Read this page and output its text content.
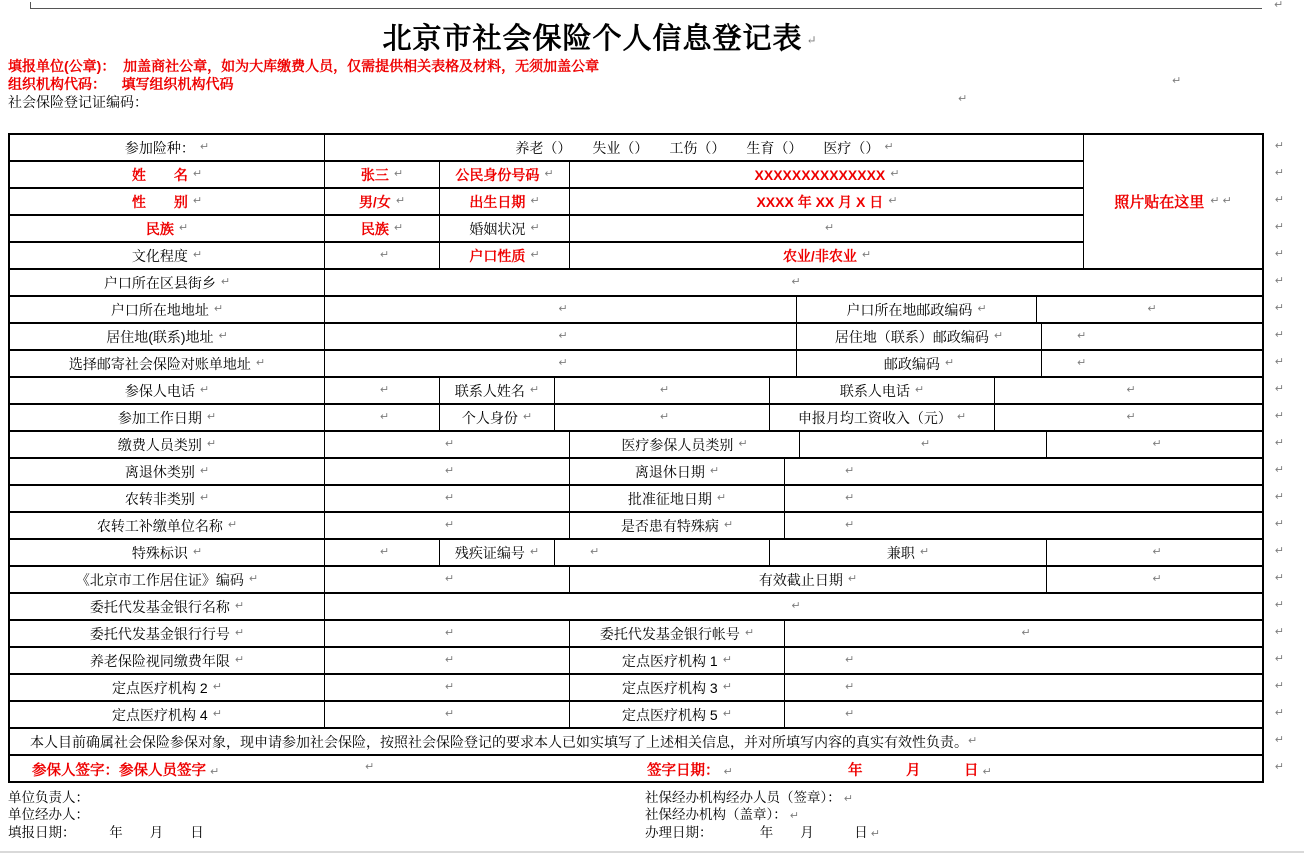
↵
北京市社会保险个人信息登记表 ↵
填报单位(公章)： 加盖商社公章，如为大库缴费人员，仅需提供相关表格及材料，无须加盖公章
组织机构代码： 填写组织机构代码	↵
社会保险登记证编码：	↵
参加险种： ↵	养老（）　　失业（）　　工伤（）　　生育（）　　医疗（） ↵	↵
姓　　名 ↵	张三 ↵	公民身份号码 ↵	XXXXXXXXXXXXXX ↵	↵
性　　别 ↵	男/女 ↵	出生日期 ↵	XXXX 年 XX 月 X 日 ↵	↵
民族 ↵	民族 ↵	婚姻状况 ↵	↵	↵
文化程度 ↵	↵	户口性质 ↵	农业/非农业 ↵	↵
户口所在区县街乡 ↵	↵	↵
户口所在地地址 ↵	↵	户口所在地邮政编码 ↵	↵	↵
居住地(联系)地址 ↵	↵	居住地（联系）邮政编码 ↵	↵	↵
选择邮寄社会保险对账单地址 ↵	↵	邮政编码 ↵	↵	↵
参保人电话 ↵	↵	联系人姓名 ↵	↵	联系人电话 ↵	↵	↵
参加工作日期 ↵	↵	个人身份 ↵	↵	申报月均工资收入（元） ↵	↵	↵
缴费人员类别 ↵	↵	医疗参保人员类别 ↵	↵	↵	↵
离退休类别 ↵	↵	离退休日期 ↵	↵	↵
农转非类别 ↵	↵	批准征地日期 ↵	↵	↵
农转工补缴单位名称 ↵	↵	是否患有特殊病 ↵	↵	↵
特殊标识 ↵	↵	残疾证编号 ↵	↵	兼职 ↵	↵	↵
《北京市工作居住证》编码 ↵	↵	有效截止日期 ↵	↵	↵
委托代发基金银行名称 ↵	↵	↵
委托代发基金银行行号 ↵	↵	委托代发基金银行帐号 ↵	↵	↵
养老保险视同缴费年限 ↵	↵	定点医疗机构 1 ↵	↵	↵
定点医疗机构 2 ↵	↵	定点医疗机构 3 ↵	↵	↵
定点医疗机构 4 ↵	↵	定点医疗机构 5 ↵	↵	↵
本人目前确属社会保险参保对象，现申请参加社会保险，按照社会保险登记的要求本人已如实填写了上述相关信息，并对所填写内容的真实有效性负责。 ↵	↵
参保人签字：参保人员签字 ↵	↵	签字日期： ↵	年　　　月　　　日 ↵	↵
照片贴在这里 ↵ ↵
单位负责人：
单位经办人：
填报日期：　　　年　　月　　日
社保经办机构经办人员（签章）： ↵
社保经办机构（盖章）： ↵
办理日期：　　　　年　　月　　　日 ↵
